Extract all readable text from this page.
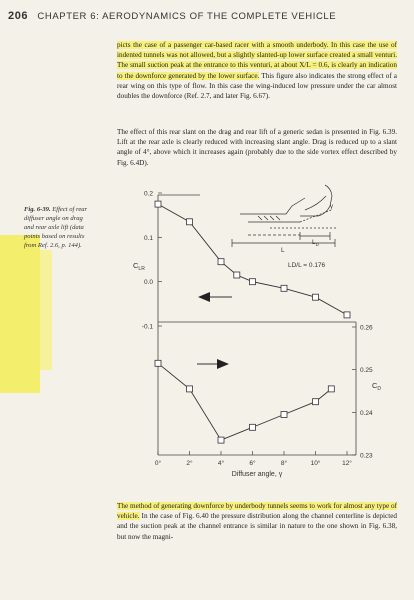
206 CHAPTER 6: AERODYNAMICS OF THE COMPLETE VEHICLE
picts the case of a passenger car-based racer with a smooth underbody. In this case the use of indented tunnels was not allowed, but a slightly slanted-up lower surface created a small venturi. The small suction peak at the entrance to this venturi, at about X/L = 0.6, is clearly an indication to the downforce generated by the lower surface. This figure also indicates the strong effect of a rear wing on this type of flow. In this case the wing-induced low pressure under the car almost doubles the downforce (Ref. 2.7, and later Fig. 6.67).
The effect of this rear slant on the drag and rear lift of a generic sedan is presented in Fig. 6.39. Lift at the rear axle is clearly reduced with increasing slant angle. Drag is reduced up to a slant angle of 4°, above which it increases again (probably due to the side vortex effect described by Fig. 6.4D).
Fig. 6-39. Effect of rear diffuser angle on drag and rear axle lift (data points based on results from Ref. 2.6, p. 144).
$C_{LR}$
$C_D$
Diffuser angle, γ
LD/L = 0.176
0°	2°	4°	6°	8°	10°	12°
0.2
0.1
0.0
-0.1	0.26
0.25
0.24
0.23
L
$L_D$
γ
The method of generating downforce by underbody tunnels seems to work for almost any type of vehicle. In the case of Fig. 6.40 the pressure distribution along the channel centerline is depicted and the suction peak at the channel entrance is similar in nature to the one shown in Fig. 6.38, but now the magni-
